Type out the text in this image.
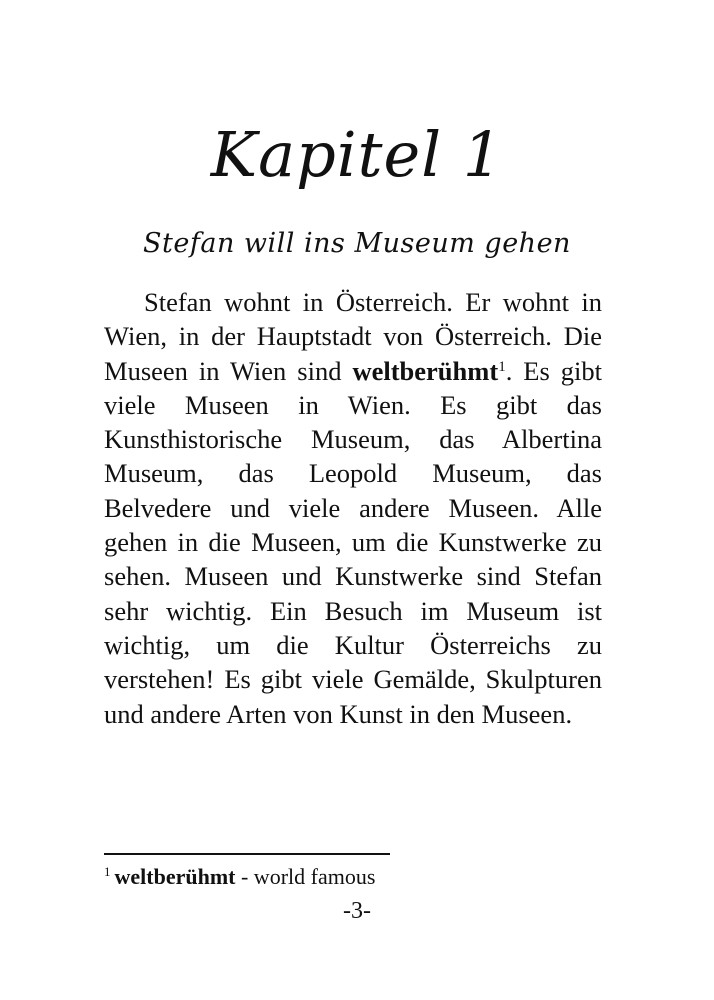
Kapitel 1
Stefan will ins Museum gehen

Stefan wohnt in Österreich. Er wohnt in Wien, in der Hauptstadt von Österreich. Die Museen in Wien sind weltberühmt$^1$. Es gibt viele Museen in Wien. Es gibt das Kunsthistorische Museum, das Albertina Museum, das Leopold Museum, das Belvedere und viele andere Museen. Alle gehen in die Museen, um die Kunstwerke zu sehen. Museen und Kunstwerke sind Stefan sehr wichtig. Ein Besuch im Museum ist wichtig, um die Kultur Österreichs zu verstehen! Es gibt viele Gemälde, Skulpturen und andere Arten von Kunst in den Museen.

$^1$ weltberühmt - world famous

-3-
